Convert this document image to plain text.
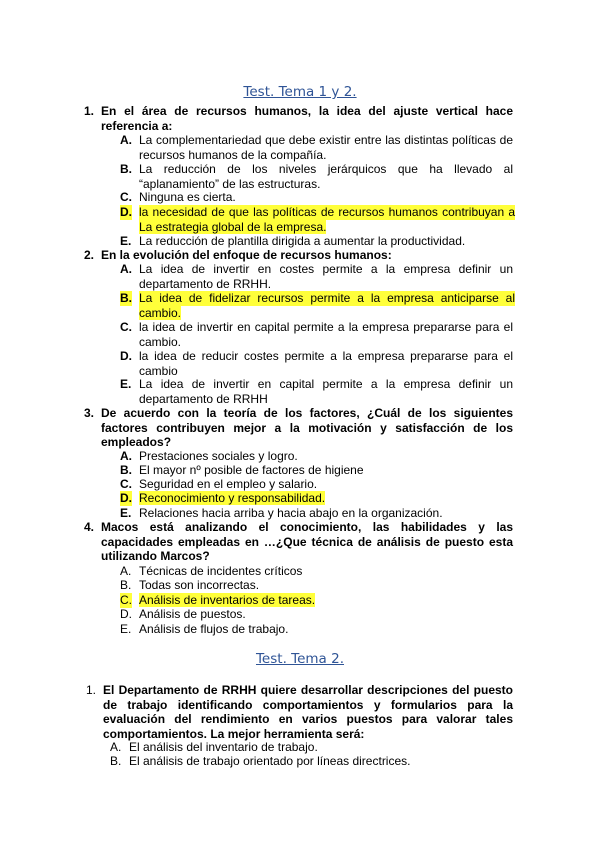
Test. Tema 1 y 2.
1. En el área de recursos humanos, la idea del ajuste vertical hace
referencia a:
A. La complementariedad que debe existir entre las distintas políticas de
recursos humanos de la compañía.
B. La reducción de los niveles jerárquicos que ha llevado al
“aplanamiento” de las estructuras.
C. Ninguna es cierta.
D. la necesidad de que las políticas de recursos humanos contribuyan a
La estrategia global de la empresa.
E. La reducción de plantilla dirigida a aumentar la productividad.
2. En la evolución del enfoque de recursos humanos:
A. La idea de invertir en costes permite a la empresa definir un
departamento de RRHH.
B. La idea de fidelizar recursos permite a la empresa anticiparse al
cambio.
C. la idea de invertir en capital permite a la empresa prepararse para el
cambio.
D. la idea de reducir costes permite a la empresa prepararse para el
cambio
E. La idea de invertir en capital permite a la empresa definir un
departamento de RRHH
3. De acuerdo con la teoría de los factores, ¿Cuál de los siguientes
factores contribuyen mejor a la motivación y satisfacción de los
empleados?
A. Prestaciones sociales y logro.
B. El mayor nº posible de factores de higiene
C. Seguridad en el empleo y salario.
D. Reconocimiento y responsabilidad.
E. Relaciones hacia arriba y hacia abajo en la organización.
4. Macos está analizando el conocimiento, las habilidades y las
capacidades empleadas en …¿Que técnica de análisis de puesto esta
utilizando Marcos?
A. Técnicas de incidentes críticos
B. Todas son incorrectas.
C. Análisis de inventarios de tareas.
D. Análisis de puestos.
E. Análisis de flujos de trabajo.
Test. Tema 2.
1. El Departamento de RRHH quiere desarrollar descripciones del puesto
de trabajo identificando comportamientos y formularios para la
evaluación del rendimiento en varios puestos para valorar tales
comportamientos. La mejor herramienta será:
A. El análisis del inventario de trabajo.
B. El análisis de trabajo orientado por líneas directrices.
